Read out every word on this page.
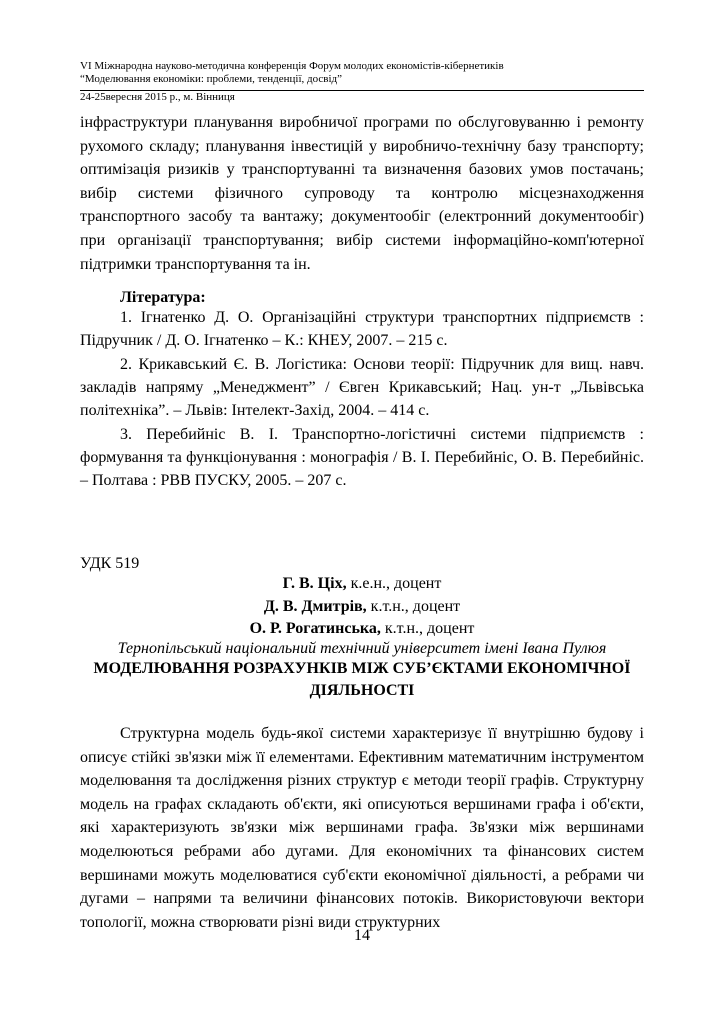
VI Міжнародна науково-методична конференція Форум молодих економістів-кібернетиків
“Моделювання економіки: проблеми, тенденції, досвід”
24-25вересня 2015 р., м. Вінниця
інфраструктури планування виробничої програми по обслуговуванню і ремонту рухомого складу; планування інвестицій у виробничо-технічну базу транспорту; оптимізація ризиків у транспортуванні та визначення базових умов постачань; вибір системи фізичного супроводу та контролю місцезнаходження транспортного засобу та вантажу; документообіг (електронний документообіг) при організації транспортування; вибір системи інформаційно-комп'ютерної підтримки транспортування та ін.
Література:

1. Ігнатенко Д. О. Організаційні структури транспортних підприємств : Підручник / Д. О. Ігнатенко – К.: КНЕУ, 2007. – 215 с.

2. Крикавський Є. В. Логістика: Основи теорії: Підручник для вищ. навч. закладів напряму „Менеджмент” / Євген Крикавський; Нац. ун-т „Львівська політехніка”. – Львів: Інтелект-Захід, 2004. – 414 с.

3. Перебийніс В. І. Транспортно-логістичні системи підприємств : формування та функціонування : монографія / В. І. Перебийніс, О. В. Перебийніс. – Полтава : РВВ ПУСКУ, 2005. – 207 с.

УДК 519
Г. В. Ціх, к.е.н., доцент
Д. В. Дмитрів, к.т.н., доцент
О. Р. Рогатинська, к.т.н., доцент
Тернопільський національний технічний університет імені Івана Пулюя
МОДЕЛЮВАННЯ РОЗРАХУНКІВ МІЖ СУБ’ЄКТАМИ ЕКОНОМІЧНОЇ ДІЯЛЬНОСТІ

Структурна модель будь-якої системи характеризує її внутрішню будову і описує стійкі зв'язки між її елементами. Ефективним математичним інструментом моделювання та дослідження різних структур є методи теорії графів. Структурну модель на графах складають об'єкти, які описуються вершинами графа і об'єкти, які характеризують зв'язки між вершинами графа. Зв'язки між вершинами моделюються ребрами або дугами. Для економічних та фінансових систем вершинами можуть моделюватися суб'єкти економічної діяльності, а ребрами чи дугами – напрями та величини фінансових потоків. Використовуючи вектори топології, можна створювати різні види структурних

14
